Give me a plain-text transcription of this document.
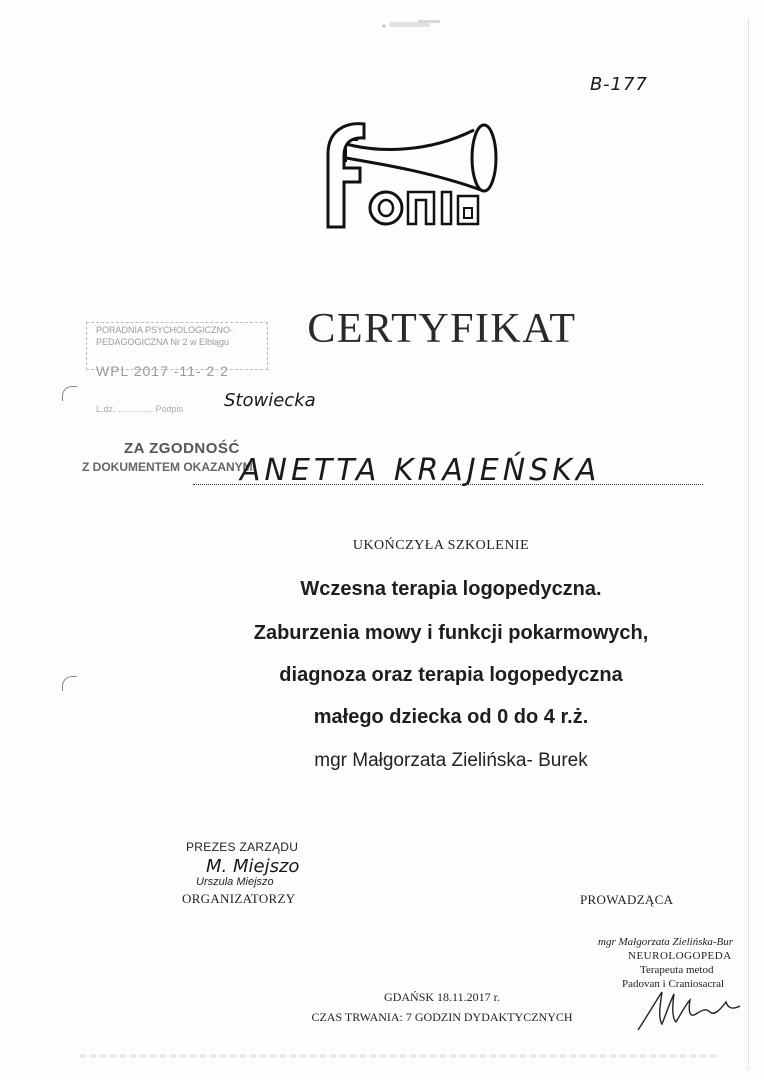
B-177
PORADNIA PSYCHOLOGICZNO-
PEDAGOGICZNA Nr 2 w Elblągu
WPL 2017 -11- 2 2
L.dz. .............. Podpis Stowiecka
CERTYFIKAT
ZA ZGODNOŚĆ
Z DOKUMENTEM OKAZANYM
ANETTA KRAJEŃSKA
UKOŃCZYŁA SZKOLENIE
Wczesna terapia logopedyczna.
Zaburzenia mowy i funkcji pokarmowych,
diagnoza oraz terapia logopedyczna
małego dziecka od 0 do 4 r.ż.
mgr Małgorzata Zielińska- Burek
PREZES ZARZĄDU
M. Miejszo
Urszula Miejszo
ORGANIZATORZY	PROWADZĄCA
mgr Małgorzata Zielińska-Bur
NEUROLOGOPEDA
Terapeuta metod
Padovan i Craniosacral
GDAŃSK 18.11.2017 r.
CZAS TRWANIA: 7 GODZIN DYDAKTYCZNYCH
